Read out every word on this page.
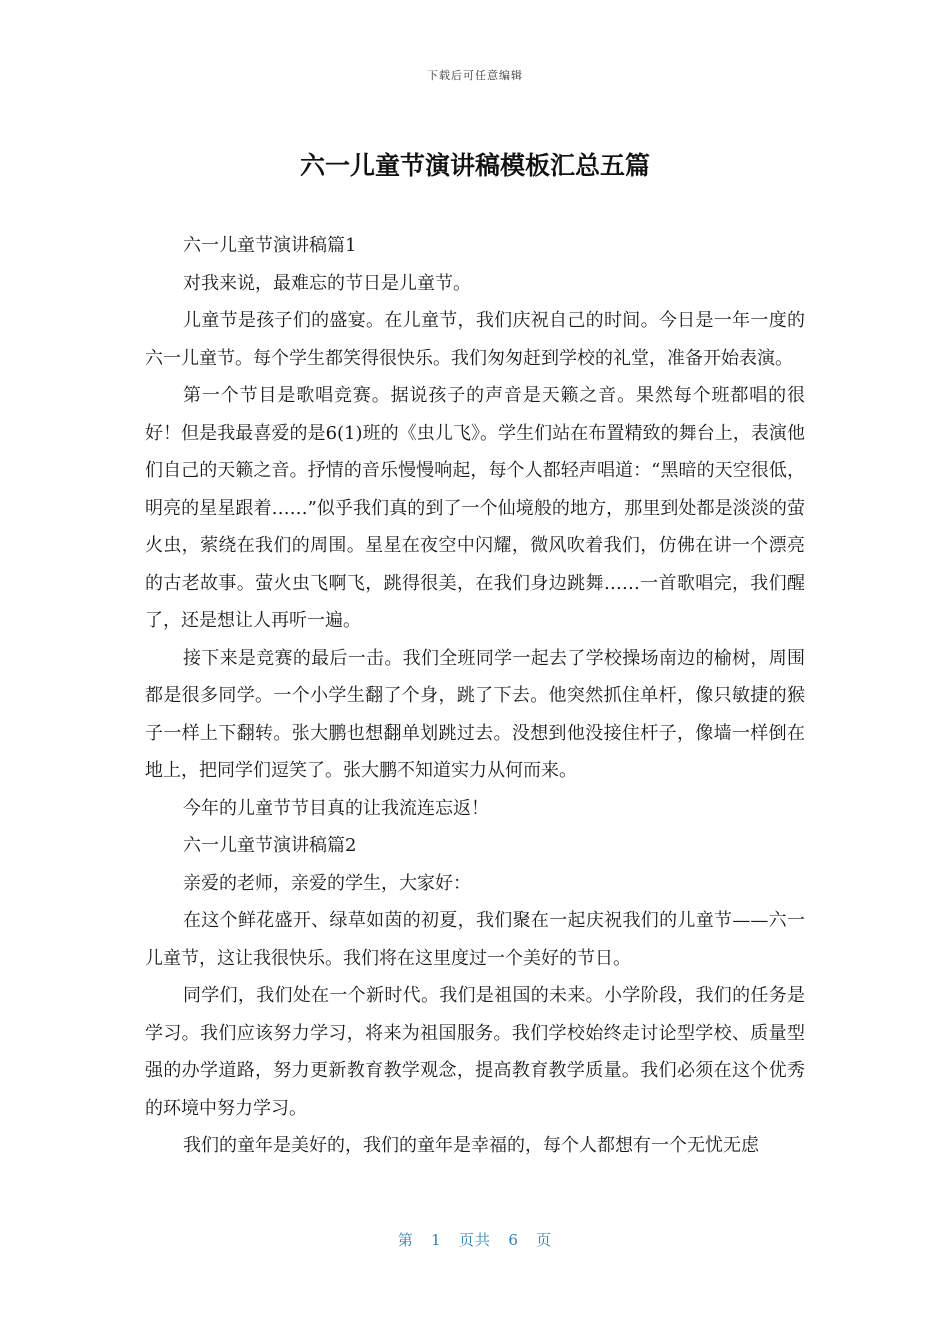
下载后可任意编辑
六一儿童节演讲稿模板汇总五篇

六一儿童节演讲稿篇1

对我来说，最难忘的节日是儿童节。

儿童节是孩子们的盛宴。在儿童节，我们庆祝自己的时间。今日是一年一度的六一儿童节。每个学生都笑得很快乐。我们匆匆赶到学校的礼堂，准备开始表演。

第一个节目是歌唱竞赛。据说孩子的声音是天籁之音。果然每个班都唱的很好！但是我最喜爱的是6(1)班的《虫儿飞》。学生们站在布置精致的舞台上，表演他们自己的天籁之音。抒情的音乐慢慢响起，每个人都轻声唱道：“黑暗的天空很低，明亮的星星跟着……”似乎我们真的到了一个仙境般的地方，那里到处都是淡淡的萤火虫，萦绕在我们的周围。星星在夜空中闪耀，微风吹着我们，仿佛在讲一个漂亮的古老故事。萤火虫飞啊飞，跳得很美，在我们身边跳舞……一首歌唱完，我们醒了，还是想让人再听一遍。

接下来是竞赛的最后一击。我们全班同学一起去了学校操场南边的榆树，周围都是很多同学。一个小学生翻了个身，跳了下去。他突然抓住单杆，像只敏捷的猴子一样上下翻转。张大鹏也想翻单划跳过去。没想到他没接住杆子，像墙一样倒在地上，把同学们逗笑了。张大鹏不知道实力从何而来。

今年的儿童节节目真的让我流连忘返！

六一儿童节演讲稿篇2

亲爱的老师，亲爱的学生，大家好：

在这个鲜花盛开、绿草如茵的初夏，我们聚在一起庆祝我们的儿童节——六一儿童节，这让我很快乐。我们将在这里度过一个美好的节日。

同学们，我们处在一个新时代。我们是祖国的未来。小学阶段，我们的任务是学习。我们应该努力学习，将来为祖国服务。我们学校始终走讨论型学校、质量型强的办学道路，努力更新教育教学观念，提高教育教学质量。我们必须在这个优秀的环境中努力学习。

我们的童年是美好的，我们的童年是幸福的，每个人都想有一个无忧无虑

第 1 页共 6 页
